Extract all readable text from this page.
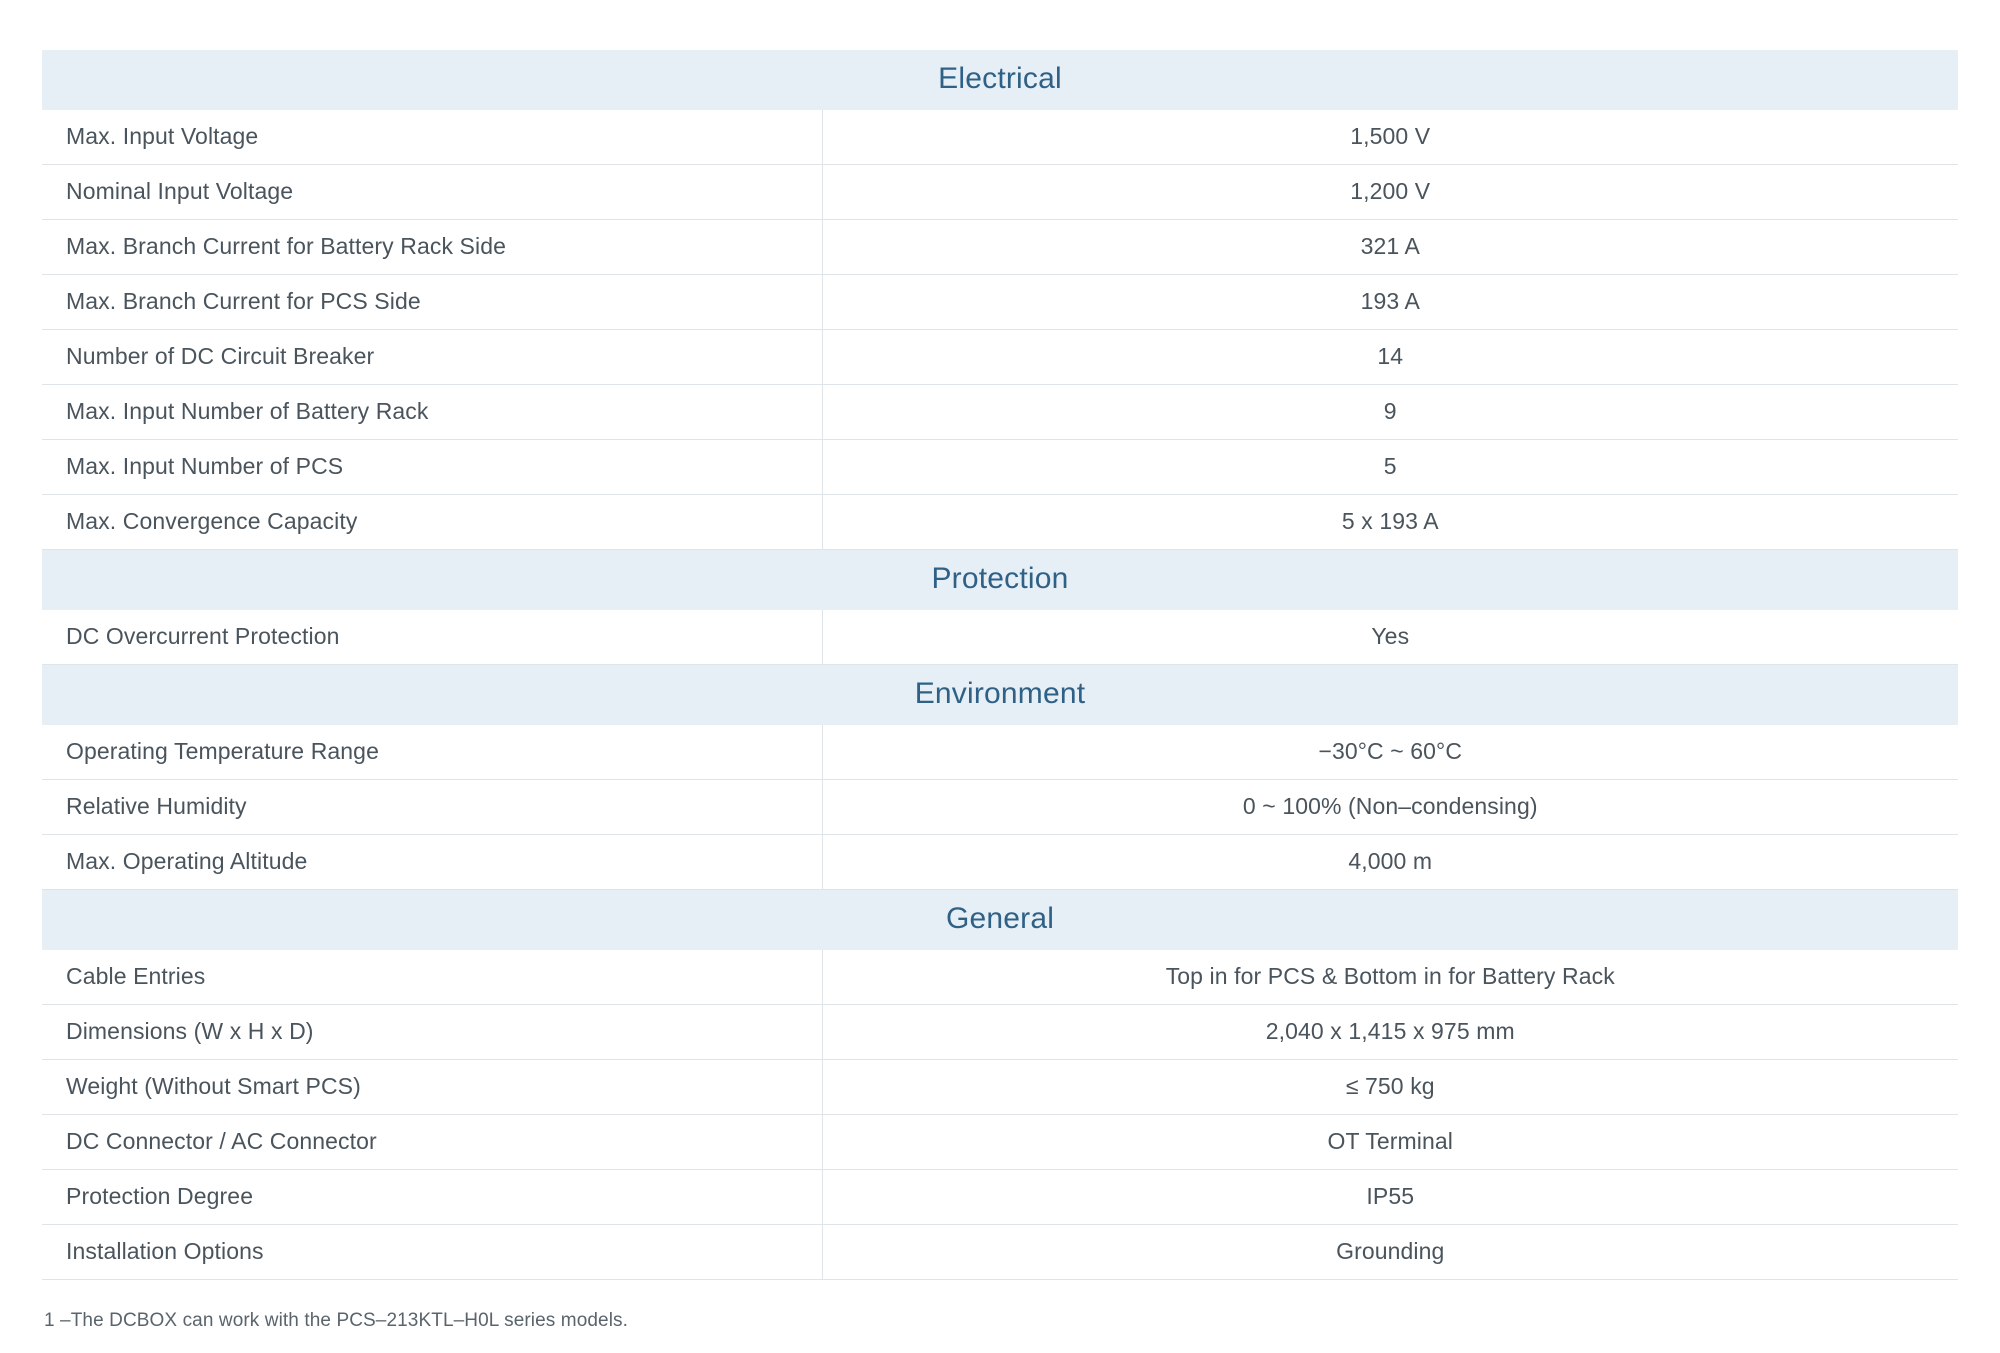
Electrical	
Max. Input Voltage	1,500 V
Nominal Input Voltage	1,200 V
Max. Branch Current for Battery Rack Side	321 A
Max. Branch Current for PCS Side	193 A
Number of DC Circuit Breaker	14
Max. Input Number of Battery Rack	9
Max. Input Number of PCS	5
Max. Convergence Capacity	5 x 193 A
Protection	
DC Overcurrent Protection	Yes
Environment	
Operating Temperature Range	−30°C ~ 60°C
Relative Humidity	0 ~ 100% (Non–condensing)
Max. Operating Altitude	4,000 m
General	
Cable Entries	Top in for PCS & Bottom in for Battery Rack
Dimensions (W x H x D)	2,040 x 1,415 x 975 mm
Weight (Without Smart PCS)	≤ 750 kg
DC Connector / AC Connector	OT Terminal
Protection Degree	IP55
Installation Options	Grounding
1 –The DCBOX can work with the PCS–213KTL–H0L series models.
